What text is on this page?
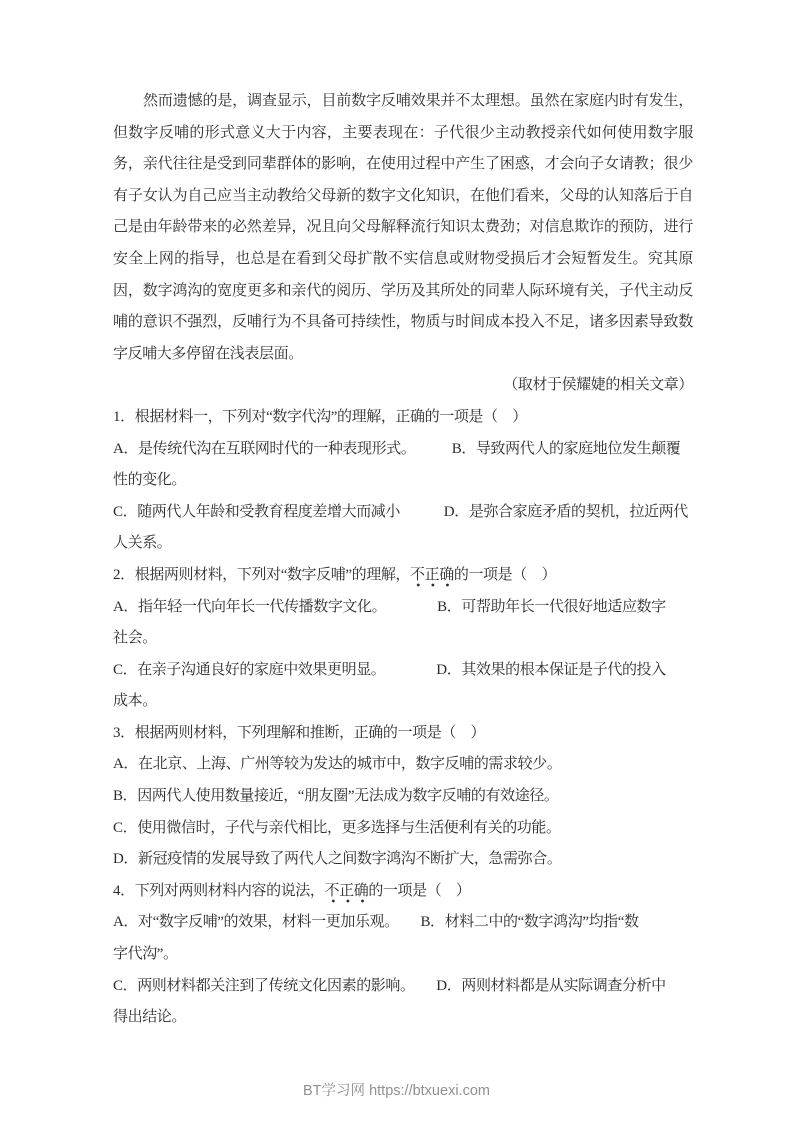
然而遗憾的是，调查显示，目前数字反哺效果并不太理想。虽然在家庭内时有发生，但数字反哺的形式意义大于内容，主要表现在：子代很少主动教授亲代如何使用数字服务，亲代往往是受到同辈群体的影响，在使用过程中产生了困惑，才会向子女请教；很少有子女认为自己应当主动教给父母新的数字文化知识，在他们看来，父母的认知落后于自己是由年龄带来的必然差异，况且向父母解释流行知识太费劲；对信息欺诈的预防，进行安全上网的指导，也总是在看到父母扩散不实信息或财物受损后才会短暂发生。究其原因，数字鸿沟的宽度更多和亲代的阅历、学历及其所处的同辈人际环境有关，子代主动反哺的意识不强烈，反哺行为不具备可持续性，物质与时间成本投入不足，诸多因素导致数字反哺大多停留在浅表层面。

（取材于侯耀婕的相关文章）

1．根据材料一，下列对“数字代沟”的理解，正确的一项是（　）

A．是传统代沟在互联网时代的一种表现形式。　　　B．导致两代人的家庭地位发生颠覆

性的变化。

C．随两代人年龄和受教育程度差增大而减小　　　D．是弥合家庭矛盾的契机，拉近两代

人关系。

2．根据两则材料，下列对“数字反哺”的理解，不正确的一项是（　）

A．指年轻一代向年长一代传播数字文化。　　　　B．可帮助年长一代很好地适应数字

社会。

C．在亲子沟通良好的家庭中效果更明显。　　　　D．其效果的根本保证是子代的投入

成本。

3．根据两则材料，下列理解和推断，正确的一项是（　）

A．在北京、上海、广州等较为发达的城市中，数字反哺的需求较少。

B．因两代人使用数量接近，“朋友圈”无法成为数字反哺的有效途径。

C．使用微信时，子代与亲代相比，更多选择与生活便利有关的功能。

D．新冠疫情的发展导致了两代人之间数字鸿沟不断扩大，急需弥合。

4．下列对两则材料内容的说法，不正确的一项是（　）

A．对“数字反哺”的效果，材料一更加乐观。　　B．材料二中的“数字鸿沟”均指“数

字代沟”。

C．两则材料都关注到了传统文化因素的影响。　　D．两则材料都是从实际调查分析中

得出结论。

BT学习网 https://btxuexi.com
